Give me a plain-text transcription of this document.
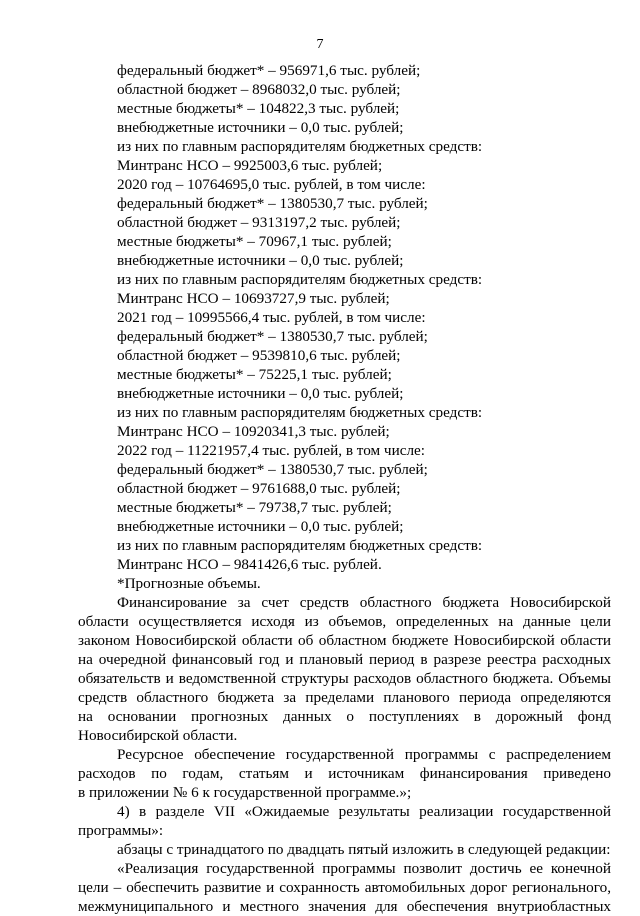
7
федеральный бюджет* – 956971,6 тыс. рублей;
областной бюджет – 8968032,0 тыс. рублей;
местные бюджеты* – 104822,3 тыс. рублей;
внебюджетные источники – 0,0 тыс. рублей;
из них по главным распорядителям бюджетных средств:
Минтранс НСО – 9925003,6 тыс. рублей;
2020 год – 10764695,0 тыс. рублей, в том числе:
федеральный бюджет* – 1380530,7 тыс. рублей;
областной бюджет – 9313197,2 тыс. рублей;
местные бюджеты* – 70967,1 тыс. рублей;
внебюджетные источники – 0,0 тыс. рублей;
из них по главным распорядителям бюджетных средств:
Минтранс НСО – 10693727,9 тыс. рублей;
2021 год – 10995566,4 тыс. рублей, в том числе:
федеральный бюджет* – 1380530,7 тыс. рублей;
областной бюджет – 9539810,6 тыс. рублей;
местные бюджеты* – 75225,1 тыс. рублей;
внебюджетные источники – 0,0 тыс. рублей;
из них по главным распорядителям бюджетных средств:
Минтранс НСО – 10920341,3 тыс. рублей;
2022 год – 11221957,4 тыс. рублей, в том числе:
федеральный бюджет* – 1380530,7 тыс. рублей;
областной бюджет – 9761688,0 тыс. рублей;
местные бюджеты* – 79738,7 тыс. рублей;
внебюджетные источники – 0,0 тыс. рублей;
из них по главным распорядителям бюджетных средств:
Минтранс НСО – 9841426,6 тыс. рублей.
*Прогнозные объемы.
Финансирование за счет средств областного бюджета Новосибирской
области осуществляется исходя из объемов, определенных на данные цели
законом Новосибирской области об областном бюджете Новосибирской области
на очередной финансовый год и плановый период в разрезе реестра расходных
обязательств и ведомственной структуры расходов областного бюджета. Объемы
средств областного бюджета за пределами планового периода определяются
на основании прогнозных данных о поступлениях в дорожный фонд
Новосибирской области.
Ресурсное обеспечение государственной программы с распределением
расходов по годам, статьям и источникам финансирования приведено
в приложении № 6 к государственной программе.»;
4) в разделе VII «Ожидаемые результаты реализации государственной
программы»:
абзацы с тринадцатого по двадцать пятый изложить в следующей редакции:
«Реализация государственной программы позволит достичь ее конечной
цели – обеспечить развитие и сохранность автомобильных дорог регионального,
межмуниципального и местного значения для обеспечения внутриобластных
